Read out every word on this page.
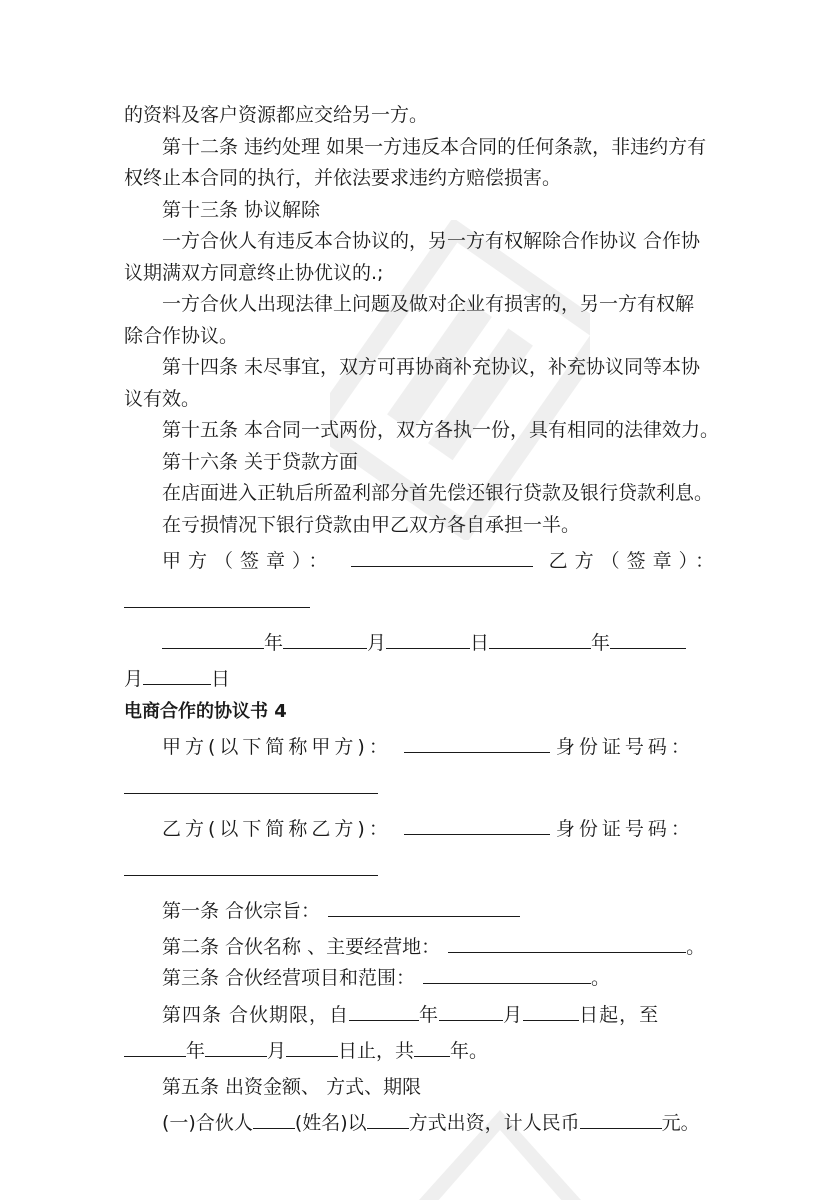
的资料及客户资源都应交给另一方。
第十二条 违约处理 如果一方违反本合同的任何条款，非违约方有
权终止本合同的执行，并依法要求违约方赔偿损害。
第十三条 协议解除
一方合伙人有违反本合协议的，另一方有权解除合作协议 合作协
议期满双方同意终止协优议的.;
一方合伙人出现法律上问题及做对企业有损害的，另一方有权解
除合作协议。
第十四条 未尽事宜，双方可再协商补充协议，补充协议同等本协
议有效。
第十五条 本合同一式两份，双方各执一份，具有相同的法律效力。
第十六条 关于贷款方面
在店面进入正轨后所盈利部分首先偿还银行贷款及银行贷款利息。
在亏损情况下银行贷款由甲乙双方各自承担一半。
甲方（签章）：	乙方（签章）：
年	月	日	年
月	日
电商合作的协议书 4
甲方(以下简称甲方)：	身份证号码：
乙方(以下简称乙方)：	身份证号码：
第一条 合伙宗旨：
第二条 合伙名称 、主要经营地：	。
第三条 合伙经营项目和范围：	。
第四条 合伙期限，自	年	月	日起，至
年	月	日止，共 年。
第五条 出资金额、 方式、期限
(一)合伙人 (姓名)以 方式出资，计人民币	元。
